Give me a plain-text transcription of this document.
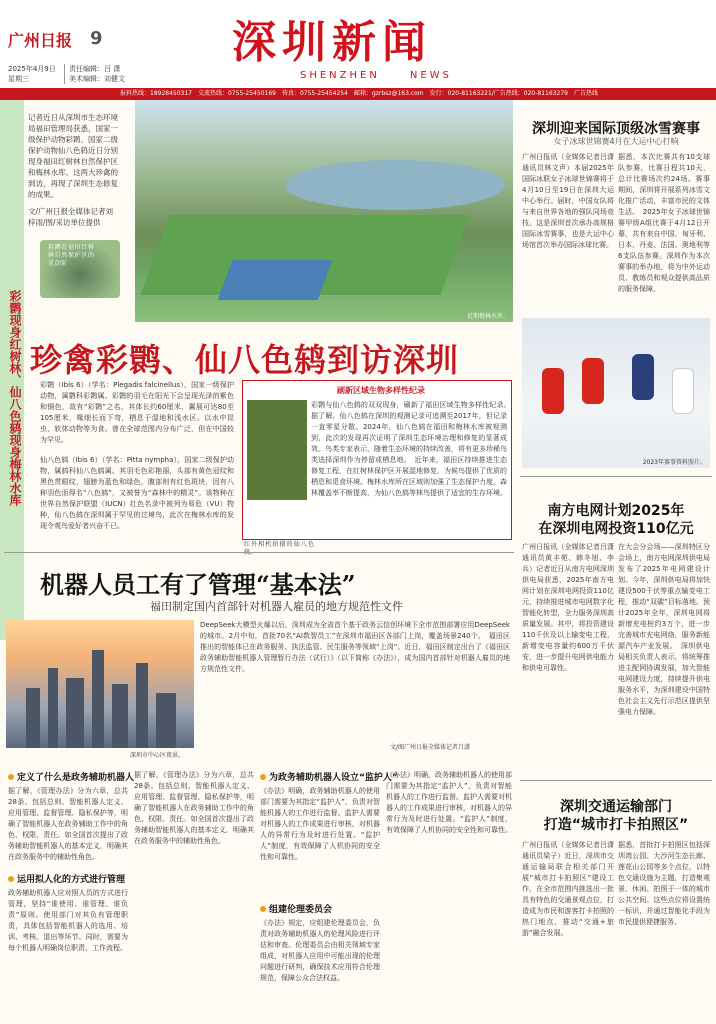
广州日报 9	深圳新闻
SHENZHEN	NEWS
2025年4月9日
星期三
责任编辑：吕 潇
美术编辑：刘健文
报料热线：18928450317　交流热线：0755-25450169　传真：0755-25454254　邮箱：gzrbsz@163.com　发行：020-81163221/广告热线：020-81163279　广告热线
记者近日从深圳市生态环境局福田管理局获悉，国家一级保护动物彩鹮、国家二级保护动物仙八色鸫近日分别现身福田红树林自然保护区和梅林水库。这两大珍禽的到访，再现了深圳生态修复的成果。
文/广州日报全媒体记者刘梓雨/图/采访单位提供
彩鹮在福田红树林自然保护区的觅食照
彩鹮现身红树林、仙八色鸫现身梅林水库	近期梅林水库。
珍禽彩鹮、仙八色鸫到访深圳
彩鹮（Ibis 6）（学名：Plegadis falcinellus），国家一级保护动物，属鹮科彩鹮属。彩鹮的羽毛在阳光下会呈现光泽的紫色和铜色，故有“彩鹮”之名。其体长约60厘米，翼展可达80至105厘米，喙细长而下弯，栖息于湿地和浅水区。以水中昆虫、软体动物等为食。曾在全球范围内分布广泛，但在中国较为罕见。
仙八色鸫（Ibis 6）（学名：Pitta nympha），国家二级保护动物，属鸫科仙八色鸫属。其羽毛色彩艳丽，头部有黄色冠纹和黑色贯眼纹，翅膀为蓝色和绿色，腹部则有红色斑块，因有八种羽色而得名“八色鸫”，又被誉为“森林中的精灵”。该物种在世界自然保护联盟（IUCN）红色名录中被列为易危（VU）物种，仙八色鸫在深圳属于罕见的过境鸟，此次在梅林水库的发现令观鸟爱好者兴奋不已。
刷新区域生物多样性纪录
彩鹮与仙八色鸫的双双现身，刷新了福田区域生物多样性纪录。　据了解，仙八色鸫在深圳的观测记录可追溯至2017年，但记录一直零星分散。2024年，仙八色鸫在福田和梅林水库被观测到，此次的发现再次证明了深圳生态环境治理和修复的显著成效。鸟类专家表示，随着生态环境的持续改善，将有更多珍稀鸟类选择深圳作为停留或栖息地。　近年来，福田区持续推进生态修复工程，在红树林保护区开展湿地修复，为候鸟提供了优质的栖息和觅食环境。梅林水库所在区域则加强了生态保护力度，森林覆盖率不断提高，为仙八色鸫等林鸟提供了适宜的生存环境。
红外相机拍摄的仙八色
深圳迎来国际顶级冰雪赛事
女子冰球世锦赛4月在大运中心打响
广州日报讯（全媒体记者吕潇 通讯员林文声）本届2025年国际冰联女子冰球世锦赛将于4月10日至19日在深圳大运中心举行。届时，中国女队将与来自世界各地的强队同场竞技。这是深圳首次承办高规格国际冰雪赛事，也是大运中心场馆首次举办国际冰球比赛。
据悉，本次比赛共有10支球队参赛，比赛日程共10天，总计比赛场次约24场。赛事期间，深圳将开展系列冰雪文化推广活动，丰富市民的文体生活。　2025年女子冰球世锦赛甲级A组比赛于4月12日开幕，共有来自中国、匈牙利、日本、丹麦、法国、奥地利等6支队伍参赛。深圳作为本次赛事的举办地，将为中外运动员、教练员和观众提供高品质的服务保障。
2023年赛事资料照片。
南方电网计划2025年
在深圳电网投资110亿元
广州日报讯（全媒体记者吕潇 通讯员黄丰苑、韩冬旭、李兵）记者近日从南方电网深圳供电局获悉，2025年南方电网计划在深圳电网投资110亿元，持续推进城市电网数字化智能化转型，全力服务深圳高质量发展。其中，将投资建设110千伏及以上输变电工程，新增变电容量约600万千伏安，进一步提升电网供电能力和供电可靠性。
在大会分会场——深圳特区分会场上，南方电网深圳供电局发布了2025年电网建设计划。今年，深圳供电局将加快建设500千伏等重点输变电工程，推动“双碳”目标落地。预计2025年全年，深圳电网将新增充电桩约3万个，进一步完善城市充电网络，服务新能源汽车产业发展。　深圳供电局相关负责人表示，将统筹推进主配网协调发展，加大智能电网建设力度，持续提升供电服务水平，为深圳建设中国特色社会主义先行示范区提供坚强电力保障。
深圳交通运输部门
打造“城市打卡拍照区”
广州日报讯（全媒体记者吕潇 通讯员梁子）近日，深圳市交通运输局联合相关部门开展“城市打卡拍照区”建设工作，在全市范围内挑选出一批具有特色的交通景观点位，打造成为市民和游客打卡拍照的热门地点，推动“交通+旅游”融合发展。
据悉，首批打卡拍照区包括深圳湾公园、大沙河生态长廊、莲花山公园等多个点位，以特色交通设施为主题，打造集观景、休闲、拍照于一体的城市公共空间。这些点位将设置统一标识，并通过智能化手段为市民提供便捷服务。
机器人员工有了管理“基本法”
福田制定国内首部针对机器人雇员的地方规范性文件
深圳市中心区夜景。
DeepSeek大模型火爆以后，深圳成为全省首个基于政务云信创环境下全市范围部署应用DeepSeek的城市。2月中旬，首批70名“AI数智员工”在深圳市福田区各部门上岗，覆盖场景240个。　福田区推出的智能体已在政务服务、执法监管、民生服务等领域“上岗”。近日，福田区制定出台了《福田区政务辅助智能机器人管理暂行办法（试行）》（以下简称《办法》），成为国内首部针对机器人雇员的地方规范性文件。
文/图广州日报全媒体记者吕潇
定义了什么是政务辅助机器人
据了解，《管理办法》分为六章，总共28条。包括总则、智能机器人定义、应用管理、监督管理、隐私保护等，明确了智能机器人在政务辅助工作中的角色、权限、责任。如全国首次提出了政务辅助智能机器人的基本定义，明确其在政务服务中的辅助性角色。
运用拟人化的方式进行管理
政务辅助机器人应对照人员的方式进行管理，坚持“谁使用、谁管理、谁负责”原则。使用部门对其负有管理职责，具体包括智能机器人的选用、培训、考核、退出等环节。同时，需要为每个机器人明确岗位职责、工作流程。
据了解，《管理办法》分为六章，总共28条。包括总则、智能机器人定义、应用管理、监督管理、隐私保护等，明确了智能机器人在政务辅助工作中的角色、权限、责任。如全国首次提出了政务辅助智能机器人的基本定义，明确其在政务服务中的辅助性角色。
为政务辅助机器人设立“监护人”
《办法》明确，政务辅助机器人的使用部门需要为其指定“监护人”，负责对智能机器人的工作进行监督。监护人需要对机器人的工作成果进行审核，对机器人的异常行为及时进行处置。“监护人”制度，有效保障了人机协同的安全性和可靠性。
组建伦理委员会
《办法》规定，应组建伦理委员会，负责对政务辅助机器人的伦理风险进行评估和审查。伦理委员会由相关领域专家组成，对机器人应用中可能出现的伦理问题进行研判，确保技术应用符合伦理规范，保障公众合法权益。
《办法》明确，政务辅助机器人的使用部门需要为其指定“监护人”，负责对智能机器人的工作进行监督。监护人需要对机器人的工作成果进行审核，对机器人的异常行为及时进行处置。“监护人”制度，有效保障了人机协同的安全性和可靠性。
